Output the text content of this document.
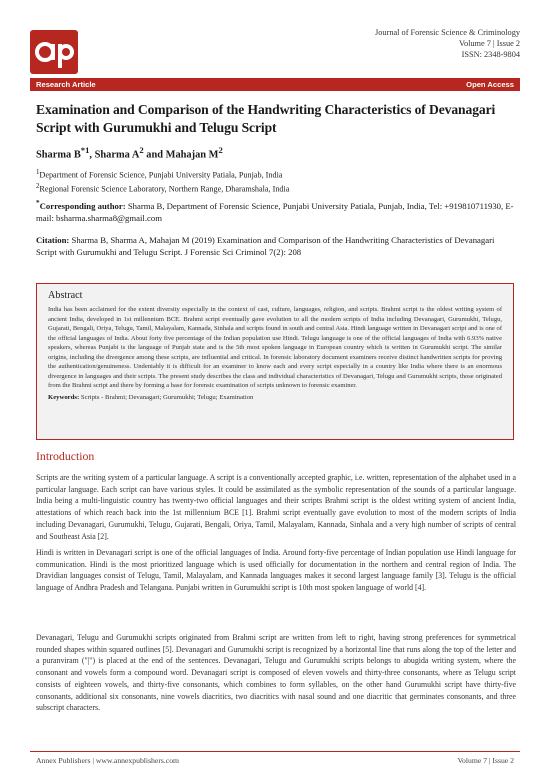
Journal of Forensic Science & Criminology
Volume 7 | Issue 2
ISSN: 2348-9804
Research Article	Open Access
Examination and Comparison of the Handwriting Characteristics of Devanagari Script with Gurumukhi and Telugu Script
Sharma $B^{*1}$, Sharma $A^2$ and Mahajan $M^2$
$^1$Department of Forensic Science, Punjabi University Patiala, Punjab, India
$^2$Regional Forensic Science Laboratory, Northern Range, Dharamshala, India
*Corresponding author: Sharma B, Department of Forensic Science, Punjabi University Patiala, Punjab, India, Tel: +919810711930, E-mail: bsharma.sharma8@gmail.com
Citation: Sharma B, Sharma A, Mahajan M (2019) Examination and Comparison of the Handwriting Characteristics of Devanagari Script with Gurumukhi and Telugu Script. J Forensic Sci Criminol 7(2): 208
Abstract
India has been acclaimed for the extent diversity especially in the context of cast, culture, languages, religion, and scripts. Brahmi script is the oldest writing system of ancient India, developed in 1st millennium BCE. Brahmi script eventually gave evolution to all the modern scripts of India including Devanagari, Gurumukhi, Telugu, Gujarati, Bengali, Oriya, Telugu, Tamil, Malayalam, Kannada, Sinhala and scripts found in south and central Asia. Hindi language written in Devanagari script and is one of the official languages of India. About forty five percentage of the Indian population use Hindi. Telugu language is one of the official languages of India with 6.93% native speakers, whereas Punjabi is the language of Punjab state and is the 5th most spoken language in European country which is written in Gurumukhi script. The similar origins, including the divergence among these scripts, are influential and critical. In forensic laboratory document examiners receive distinct handwritten scripts for proving the authentication/genuineness. Undeniably it is difficult for an examiner to know each and every script especially in a country like India where there is an enormous divergence in languages and their scripts. The present study describes the class and individual characteristics of Devanagari, Telugu and Gurumukhi scripts, those originated from the Brahmi script and there by forming a base for forensic examination of scripts unknown to forensic examiner.
Keywords: Scripts - Brahmi; Devanagari; Gurumukhi; Telugu; Examination
Introduction

Scripts are the writing system of a particular language. A script is a conventionally accepted graphic, i.e. written, representation of the alphabet used in a particular language. Each script can have various styles. It could be assimilated as the symbolic representation of the sounds of a particular language. India being a multi-linguistic country has twenty-two official languages and their scripts Brahmi script is the oldest writing system of ancient India, attestations of which reach back into the 1st millennium BCE [1]. Brahmi script eventually gave evolution to most of the modern scripts of India including Devanagari, Gurumukhi, Telugu, Gujarati, Bengali, Oriya, Tamil, Malayalam, Kannada, Sinhala and a very high number of scripts of central and Southeast Asia [2].

Hindi is written in Devanagari script is one of the official languages of India. Around forty-five percentage of Indian population use Hindi language for communication. Hindi is the most prioritized language which is used officially for documentation in the northern and central region of India. The Dravidian languages consist of Telugu, Tamil, Malayalam, and Kannada languages makes it second largest language family [3]. Telugu is the official language of Andhra Pradesh and Telangana. Punjabi written in Gurumukhi script is 10th most spoken language of world [4].

Devanagari, Telugu and Gurumukhi scripts originated from Brahmi script are written from left to right, having strong preferences for symmetrical rounded shapes within squared outlines [5]. Devanagari and Gurumukhi script is recognized by a horizontal line that runs along the top of the letter and a puranviram ("|") is placed at the end of the sentences. Devanagari, Telugu and Gurumukhi scripts belongs to abugida writing system, where the consonant and vowels form a compound word. Devanagari script is composed of eleven vowels and thirty-three consonants, where as Telugu script consists of eighteen vowels, and thirty-five consonants, which combines to form syllables, on the other hand Gurumukhi script have thirty-five consonants, additional six consonants, nine vowels diacritics, two diacritics with nasal sound and one diacritic that germinates consonants, and three subscript characters.

Annex Publishers | www.annexpublishers.com	Volume 7 | Issue 2
